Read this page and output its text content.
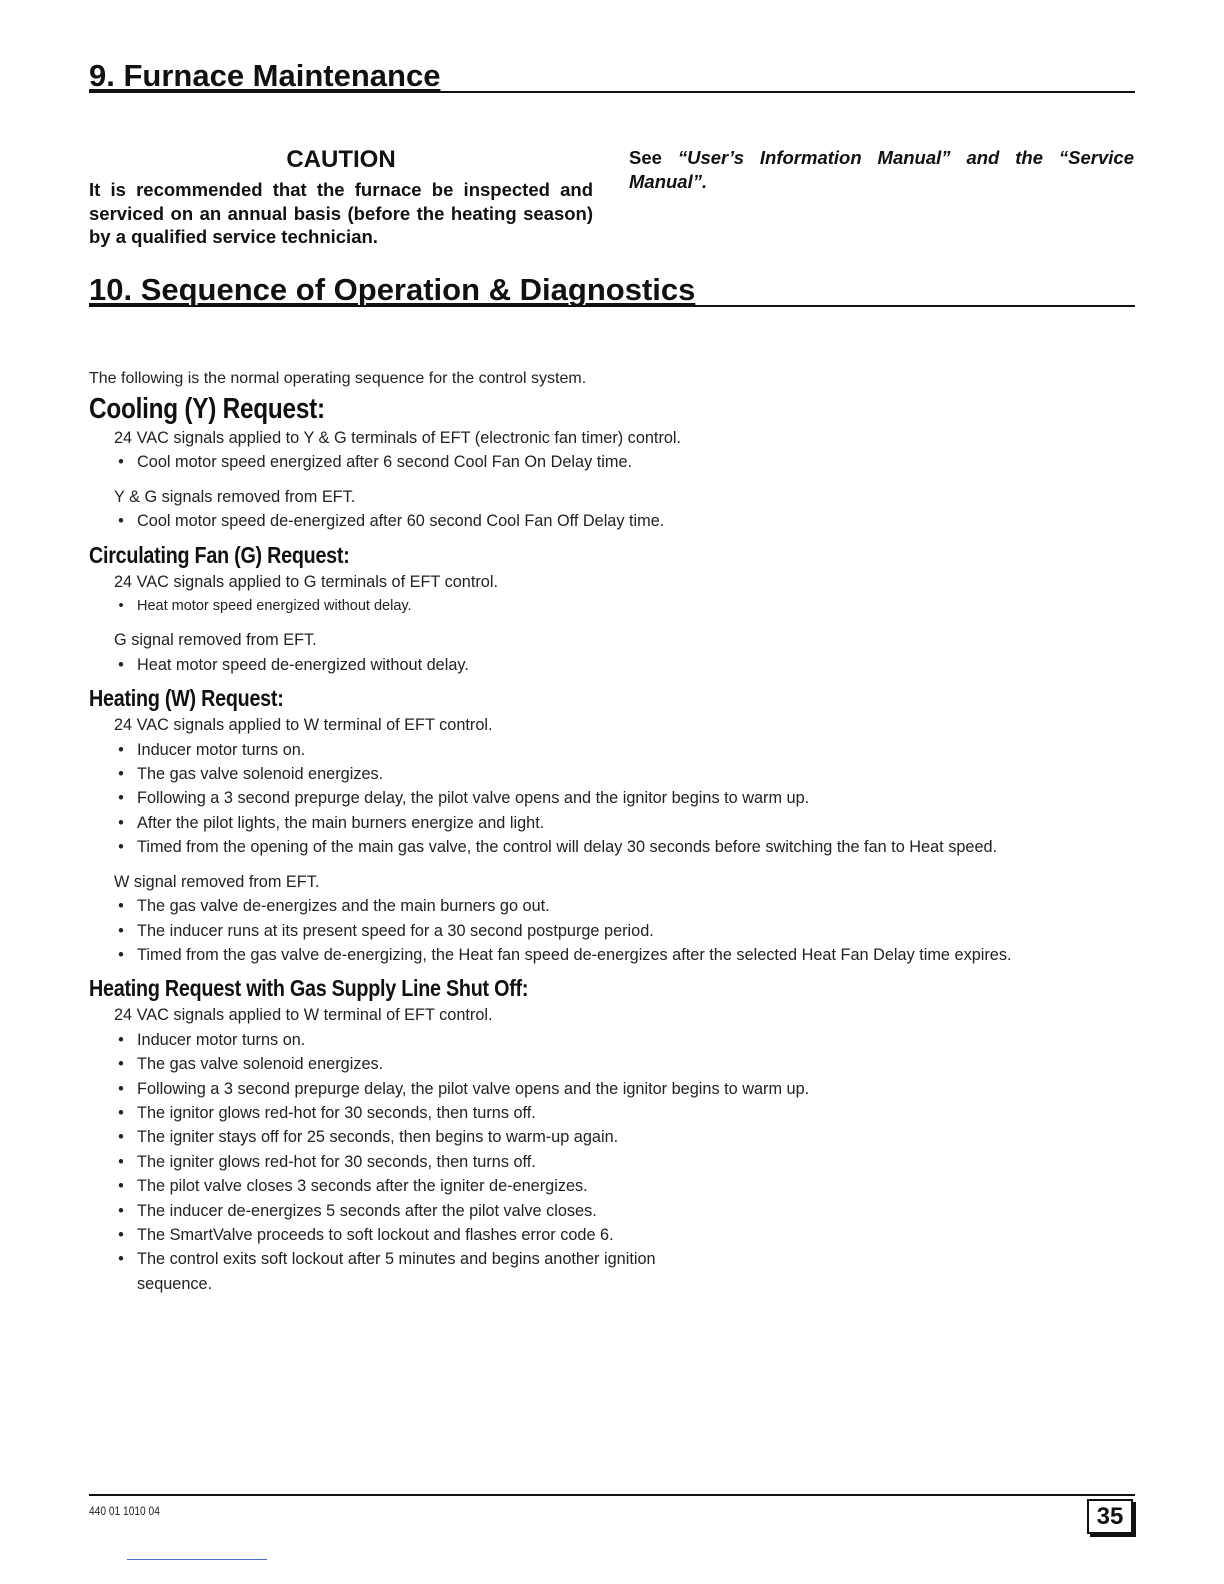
9. Furnace Maintenance

CAUTION

It is recommended that the furnace be inspected and serviced on an annual basis (before the heating season) by a qualified service technician.

See “User’s Information Manual” and the “Service Manual”.

10. Sequence of Operation & Diagnostics

The following is the normal operating sequence for the control system.

Cooling (Y) Request:

24 VAC signals applied to Y & G terminals of EFT (electronic fan timer) control.

• Cool motor speed energized after 6 second Cool Fan On Delay time.

Y & G signals removed from EFT.

• Cool motor speed de-energized after 60 second Cool Fan Off Delay time.
Circulating Fan (G) Request:

24 VAC signals applied to G terminals of EFT control.

• Heat motor speed energized without delay.

G signal removed from EFT.

• Heat motor speed de-energized without delay.
Heating (W) Request:

24 VAC signals applied to W terminal of EFT control.

• Inducer motor turns on.
• The gas valve solenoid energizes.
• Following a 3 second prepurge delay, the pilot valve opens and the ignitor begins to warm up.
• After the pilot lights, the main burners energize and light.
• Timed from the opening of the main gas valve, the control will delay 30 seconds before switching the fan to Heat speed.

W signal removed from EFT.

• The gas valve de-energizes and the main burners go out.
• The inducer runs at its present speed for a 30 second postpurge period.
• Timed from the gas valve de-energizing, the Heat fan speed de-energizes after the selected Heat Fan Delay time expires.
Heating Request with Gas Supply Line Shut Off:

24 VAC signals applied to W terminal of EFT control.

• Inducer motor turns on.
• The gas valve solenoid energizes.
• Following a 3 second prepurge delay, the pilot valve opens and the ignitor begins to warm up.
• The ignitor glows red-hot for 30 seconds, then turns off.
• The igniter stays off for 25 seconds, then begins to warm-up again.
• The igniter glows red-hot for 30 seconds, then turns off.
• The pilot valve closes 3 seconds after the igniter de-energizes.
• The inducer de-energizes 5 seconds after the pilot valve closes.
• The SmartValve proceeds to soft lockout and flashes error code 6.
• The control exits soft lockout after 5 minutes and begins another ignition sequence.

440 01 1010 04	35
